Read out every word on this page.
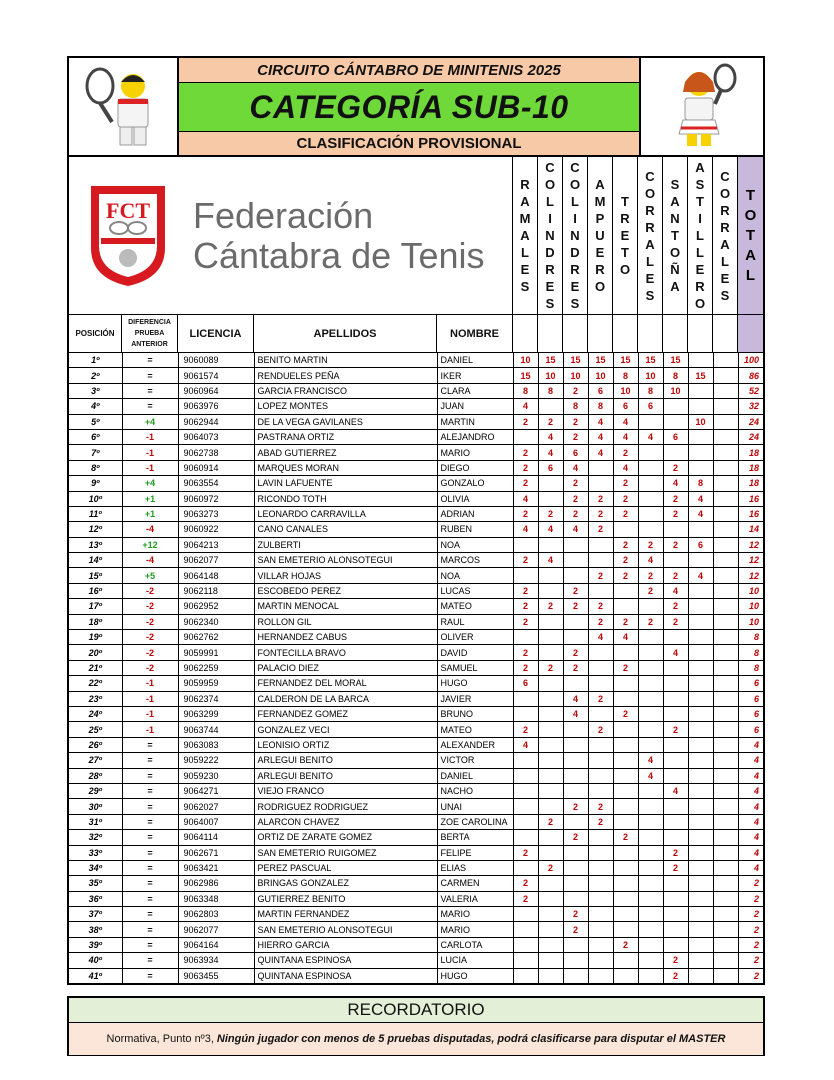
CIRCUITO CÁNTABRO DE MINITENIS 2025
CATEGORÍA SUB-10
CLASIFICACIÓN PROVISIONAL
FCT Federación
Cántabra de Tenis
R
A
M
A
L
E
S
C
O
L
I
N
D
R
E
S
C
O
L
I
N
D
R
E
S
A
M
P
U
E
R
O
T
R
E
T
O
C
O
R
R
A
L
E
S
S
A
N
T
O
Ñ
A
A
S
T
I
L
L
E
R
O
C
O
R
R
A
L
E
S
T
O
T
A
L
POSICIÓN
DIFERENCIA PRUEBA ANTERIOR
LICENCIA	APELLIDOS	NOMBRE
1º	=	9060089	BENITO MARTIN	DANIEL	10	15	15	15	15	15	15			100
2º	=	9061574	RENDUELES PEÑA	IKER	15	10	10	10	8	10	8	15		86
3º	=	9060964	GARCIA FRANCISCO	CLARA	8	8	2	6	10	8	10			52
4º	=	9063976	LOPEZ MONTES	JUAN	4		8	8	6	6				32
5º	+4	9062944	DE LA VEGA GAVILANES	MARTIN	2	2	2	4	4			10		24
6º	-1	9064073	PASTRANA ORTIZ	ALEJANDRO		4	2	4	4	4	6			24
7º	-1	9062738	ABAD GUTIERREZ	MARIO	2	4	6	4	2					18
8º	-1	9060914	MARQUES MORAN	DIEGO	2	6	4		4		2			18
9º	+4	9063554	LAVIN LAFUENTE	GONZALO	2		2		2		4	8		18
10º	+1	9060972	RICONDO TOTH	OLIVIA	4		2	2	2		2	4		16
11º	+1	9063273	LEONARDO CARRAVILLA	ADRIAN	2	2	2	2	2		2	4		16
12º	-4	9060922	CANO CANALES	RUBEN	4	4	4	2						14
13º	+12	9064213	ZULBERTI	NOA					2	2	2	6		12
14º	-4	9062077	SAN EMETERIO ALONSOTEGUI	MARCOS	2	4			2	4				12
15º	+5	9064148	VILLAR HOJAS	NOA				2	2	2	2	4		12
16º	-2	9062118	ESCOBEDO PEREZ	LUCAS	2		2			2	4			10
17º	-2	9062952	MARTIN MENOCAL	MATEO	2	2	2	2			2			10
18º	-2	9062340	ROLLON GIL	RAUL	2			2	2	2	2			10
19º	-2	9062762	HERNANDEZ CABUS	OLIVER				4	4					8
20º	-2	9059991	FONTECILLA BRAVO	DAVID	2		2				4			8
21º	-2	9062259	PALACIO DIEZ	SAMUEL	2	2	2		2					8
22º	-1	9059959	FERNANDEZ DEL MORAL	HUGO	6									6
23º	-1	9062374	CALDERON DE LA BARCA	JAVIER			4	2						6
24º	-1	9063299	FERNANDEZ GOMEZ	BRUNO			4		2					6
25º	-1	9063744	GONZALEZ VECI	MATEO	2			2			2			6
26º	=	9063083	LEONISIO ORTIZ	ALEXANDER	4									4
27º	=	9059222	ARLEGUI BENITO	VICTOR						4				4
28º	=	9059230	ARLEGUI BENITO	DANIEL						4				4
29º	=	9064271	VIEJO FRANCO	NACHO							4			4
30º	=	9062027	RODRIGUEZ RODRIGUEZ	UNAI			2	2						4
31º	=	9064007	ALARCON CHAVEZ	ZOE CAROLINA		2		2						4
32º	=	9064114	ORTIZ DE ZARATE GOMEZ	BERTA			2		2					4
33º	=	9062671	SAN EMETERIO RUIGOMEZ	FELIPE	2						2			4
34º	=	9063421	PEREZ PASCUAL	ELIAS		2					2			4
35º	=	9062986	BRINGAS GONZALEZ	CARMEN	2									2
36º	=	9063348	GUTIERREZ BENITO	VALERIA	2									2
37º	=	9062803	MARTIN FERNANDEZ	MARIO			2							2
38º	=	9062077	SAN EMETERIO ALONSOTEGUI	MARIO			2							2
39º	=	9064164	HIERRO GARCIA	CARLOTA					2					2
40º	=	9063934	QUINTANA ESPINOSA	LUCIA							2			2
41º	=	9063455	QUINTANA ESPINOSA	HUGO							2			2
RECORDATORIO
Normativa, Punto nº3, Ningún jugador con menos de 5 pruebas disputadas, podrá clasificarse para disputar el MASTER
